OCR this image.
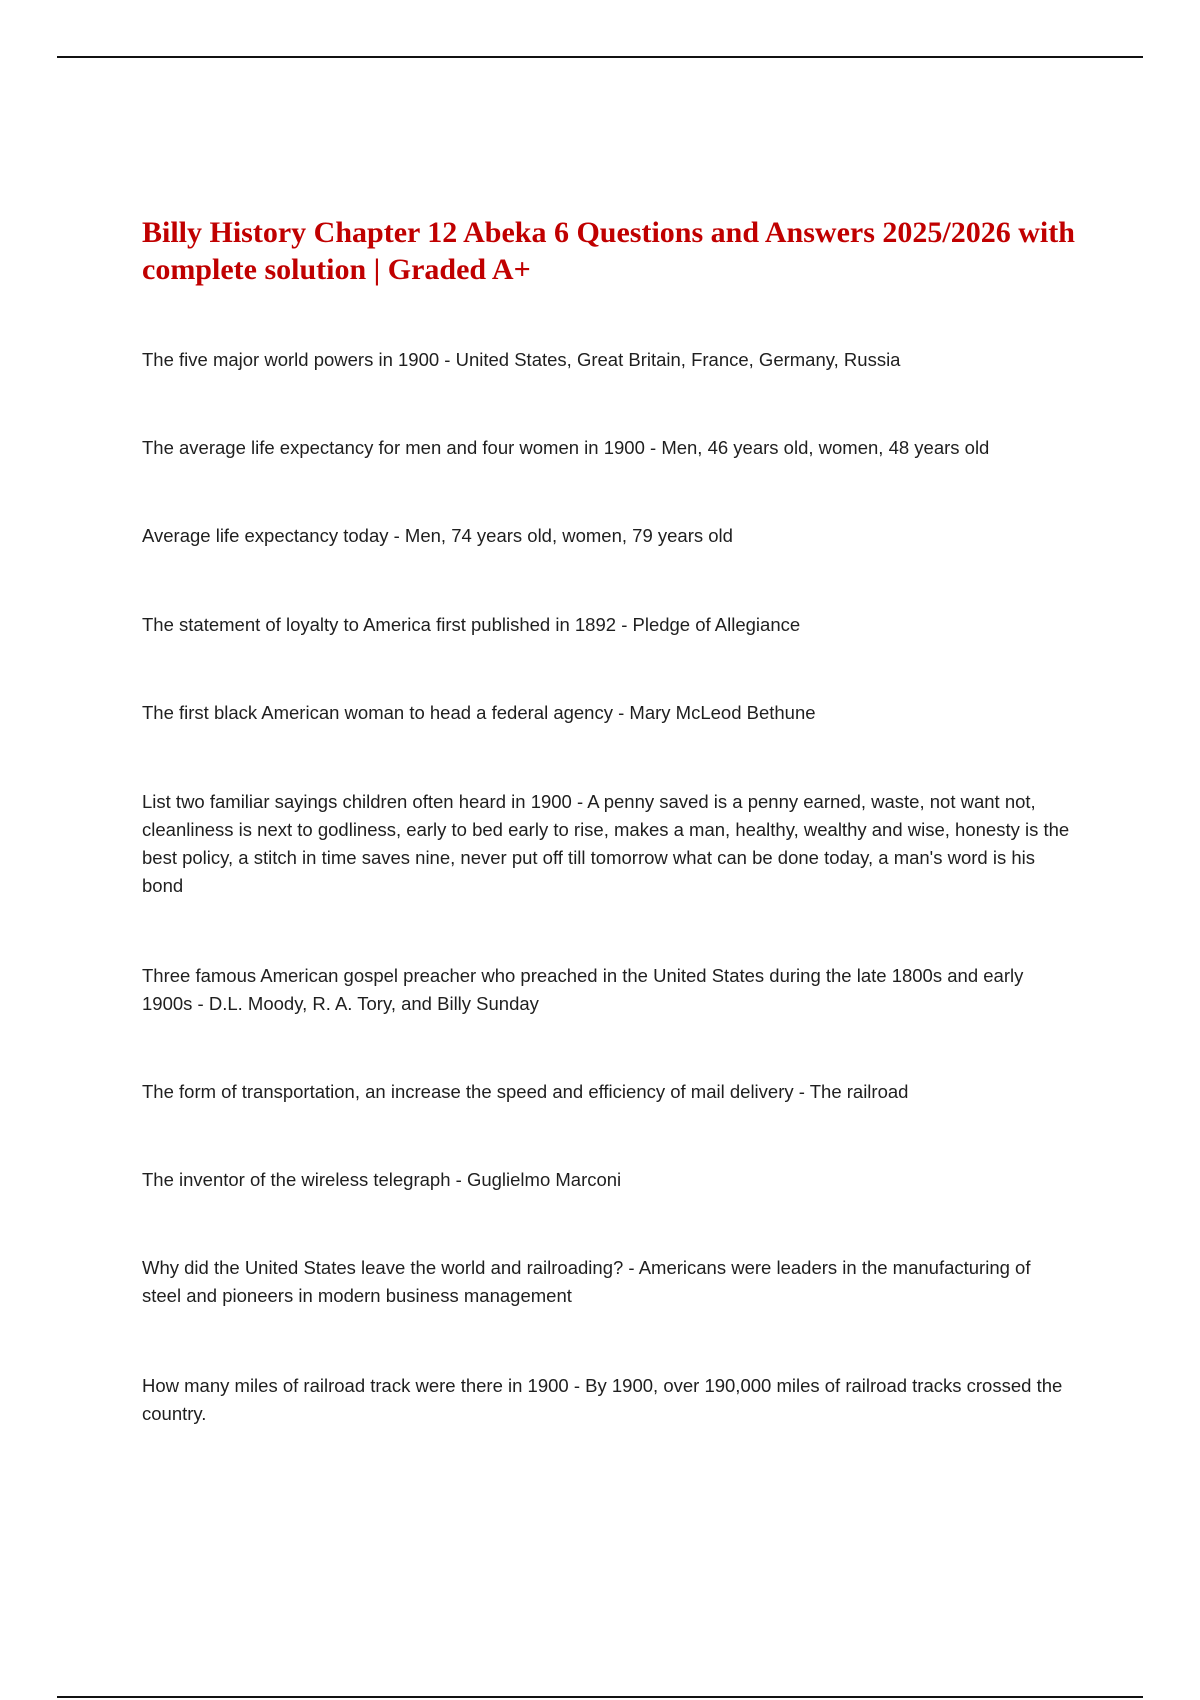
Billy History Chapter 12 Abeka 6 Questions and Answers 2025/2026 with complete solution | Graded A+
The five major world powers in 1900 - United States, Great Britain, France, Germany, Russia
The average life expectancy for men and four women in 1900 - Men, 46 years old, women, 48 years old
Average life expectancy today - Men, 74 years old, women, 79 years old
The statement of loyalty to America first published in 1892 - Pledge of Allegiance
The first black American woman to head a federal agency - Mary McLeod Bethune
List two familiar sayings children often heard in 1900 - A penny saved is a penny earned, waste, not want not, cleanliness is next to godliness, early to bed early to rise, makes a man, healthy, wealthy and wise, honesty is the best policy, a stitch in time saves nine, never put off till tomorrow what can be done today, a man's word is his bond
Three famous American gospel preacher who preached in the United States during the late 1800s and early 1900s - D.L. Moody, R. A. Tory, and Billy Sunday
The form of transportation, an increase the speed and efficiency of mail delivery - The railroad
The inventor of the wireless telegraph - Guglielmo Marconi
Why did the United States leave the world and railroading? - Americans were leaders in the manufacturing of steel and pioneers in modern business management
How many miles of railroad track were there in 1900 - By 1900, over 190,000 miles of railroad tracks crossed the country.
